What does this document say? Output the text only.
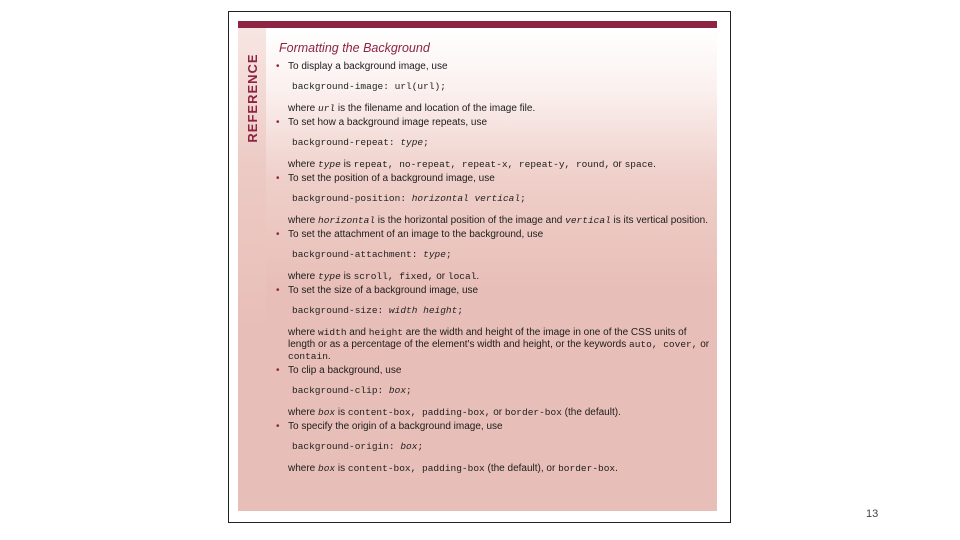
REFERENCE
Formatting the Background
• To display a background image, use
background-image: url(url);
where url is the filename and location of the image file.
• To set how a background image repeats, use
background-repeat: type;
where type is repeat, no-repeat, repeat-x, repeat-y, round, or space.
• To set the position of a background image, use
background-position: horizontal vertical;
where horizontal is the horizontal position of the image and vertical is its vertical position.
• To set the attachment of an image to the background, use
background-attachment: type;
where type is scroll, fixed, or local.
• To set the size of a background image, use
background-size: width height;
where width and height are the width and height of the image in one of the CSS units of length or as a percentage of the element's width and height, or the keywords auto, cover, or contain.
• To clip a background, use
background-clip: box;
where box is content-box, padding-box, or border-box (the default).
• To specify the origin of a background image, use
background-origin: box;
where box is content-box, padding-box (the default), or border-box.
13
